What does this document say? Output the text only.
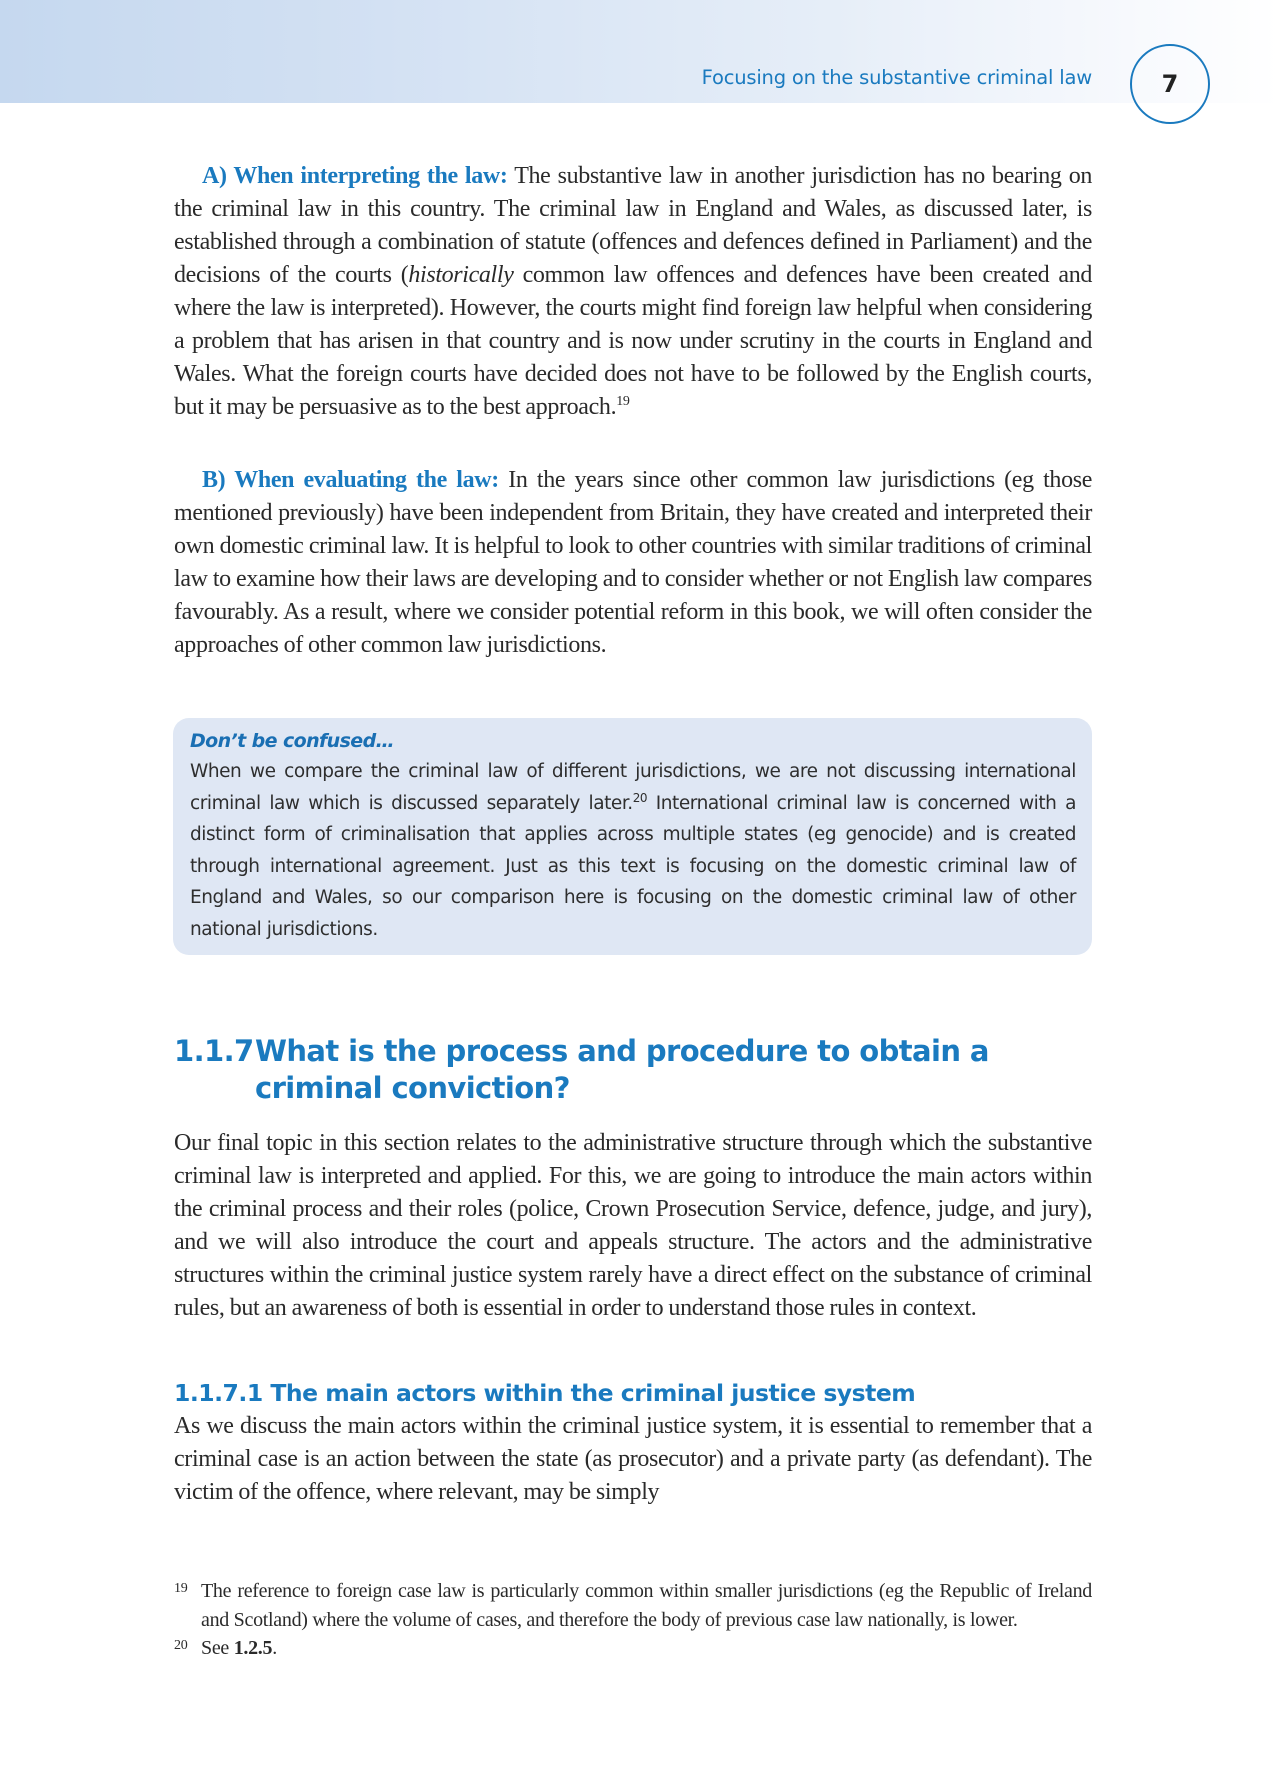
Focusing on the substantive criminal law	7

A) When interpreting the law: The substantive law in another jurisdiction has no bearing on the criminal law in this country. The criminal law in England and Wales, as discussed later, is established through a combination of statute (offences and defences defined in Parliament) and the decisions of the courts (historically common law offences and defences have been created and where the law is interpreted). However, the courts might find foreign law helpful when considering a problem that has arisen in that country and is now under scrutiny in the courts in England and Wales. What the foreign courts have decided does not have to be followed by the English courts, but it may be persuasive as to the best approach.$^{19}$

B) When evaluating the law: In the years since other common law jurisdictions (eg those mentioned previously) have been independent from Britain, they have created and interpreted their own domestic criminal law. It is helpful to look to other countries with similar traditions of criminal law to examine how their laws are developing and to consider whether or not English law compares favourably. As a result, where we consider potential reform in this book, we will often consider the approaches of other common law jurisdictions.

Don’t be confused…

When we compare the criminal law of different jurisdictions, we are not discussing international criminal law which is discussed separately later.$^{20}$ International criminal law is concerned with a distinct form of criminalisation that applies across multiple states (eg genocide) and is created through international agreement. Just as this text is focusing on the domestic criminal law of England and Wales, so our comparison here is focusing on the domestic criminal law of other national jurisdictions.

1.1.7 What is the process and procedure to obtain a criminal conviction?

Our final topic in this section relates to the administrative structure through which the substantive criminal law is interpreted and applied. For this, we are going to introduce the main actors within the criminal process and their roles (police, Crown Prosecution Service, defence, judge, and jury), and we will also introduce the court and appeals structure. The actors and the administrative structures within the criminal justice system rarely have a direct effect on the substance of criminal rules, but an awareness of both is essential in order to understand those rules in context.

1.1.7.1 The main actors within the criminal justice system

As we discuss the main actors within the criminal justice system, it is essential to remember that a criminal case is an action between the state (as prosecutor) and a private party (as defendant). The victim of the offence, where relevant, may be simply

19 The reference to foreign case law is particularly common within smaller jurisdictions (eg the Republic of Ireland and Scotland) where the volume of cases, and therefore the body of previous case law nationally, is lower.
20 See 1.2.5.
